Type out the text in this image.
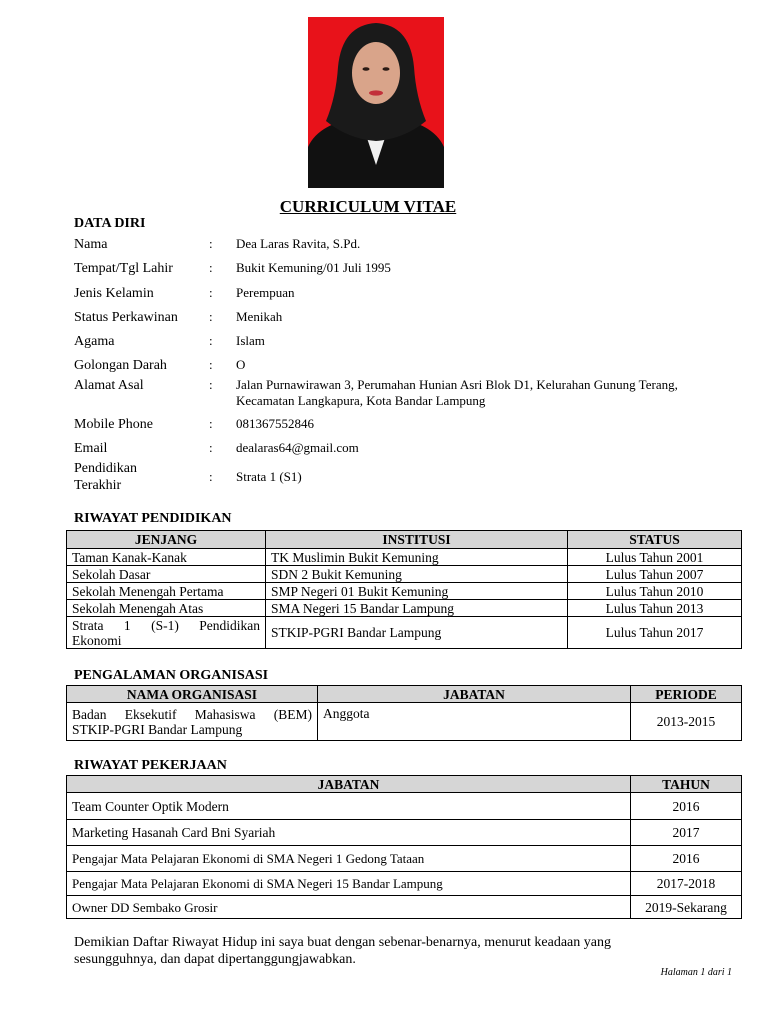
CURRICULUM VITAE
DATA DIRI
Nama	: Dea Laras Ravita, S.Pd.
Tempat/Tgl Lahir	: Bukit Kemuning/01 Juli 1995
Jenis Kelamin	: Perempuan
Status Perkawinan : Menikah
Agama	: Islam
Golongan Darah	: O
Alamat Asal	: Jalan Purnawirawan 3, Perumahan Hunian Asri Blok D1, Kelurahan Gunung Terang, Kecamatan Langkapura, Kota Bandar Lampung
Mobile Phone	: 081367552846
Email	: dealaras64@gmail.com
Pendidikan Terakhir
: Strata 1 (S1)
RIWAYAT PENDIDIKAN
JENJANG	INSTITUSI	STATUS
Taman Kanak-Kanak	TK Muslimin Bukit Kemuning	Lulus Tahun 2001
Sekolah Dasar	SDN 2 Bukit Kemuning	Lulus Tahun 2007
Sekolah Menengah Pertama	SMP Negeri 01 Bukit Kemuning	Lulus Tahun 2010
Sekolah Menengah Atas	SMA Negeri 15 Bandar Lampung	Lulus Tahun 2013
Strata 1 (S-1) Pendidikan Ekonomi	STKIP-PGRI Bandar Lampung	Lulus Tahun 2017
PENGALAMAN ORGANISASI
NAMA ORGANISASI	JABATAN	PERIODE
Badan Eksekutif Mahasiswa (BEM) STKIP-PGRI Bandar Lampung	Anggota	2013-2015
RIWAYAT PEKERJAAN
JABATAN	TAHUN
Team Counter Optik Modern	2016
Marketing Hasanah Card Bni Syariah	2017
Pengajar Mata Pelajaran Ekonomi di SMA Negeri 1 Gedong Tataan	2016
Pengajar Mata Pelajaran Ekonomi di SMA Negeri 15 Bandar Lampung	2017-2018
Owner DD Sembako Grosir	2019-Sekarang
Demikian Daftar Riwayat Hidup ini saya buat dengan sebenar-benarnya, menurut keadaan yang sesungguhnya, dan dapat dipertanggungjawabkan.
Halaman 1 dari 1
